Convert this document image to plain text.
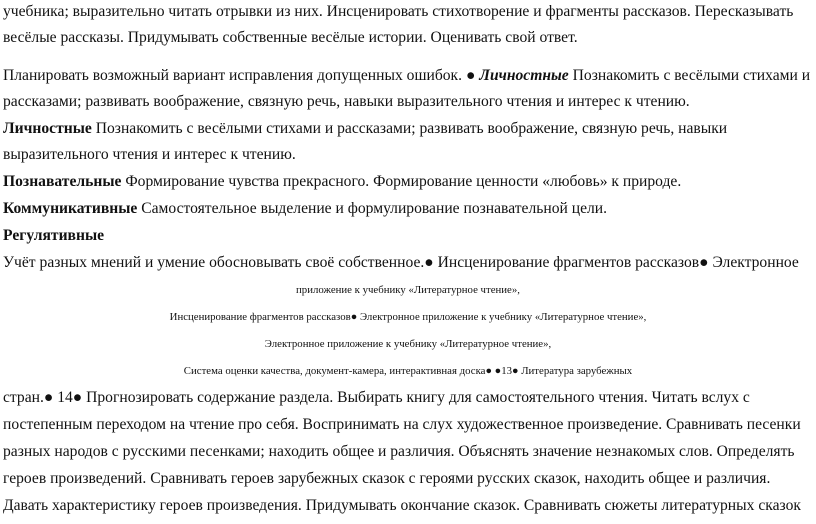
учебника; выразительно читать отрывки из них. Инсценировать стихотворение и фрагменты рассказов. Пересказывать
весёлые рассказы. Придумывать собственные весёлые истории. Оценивать свой ответ.
Планировать возможный вариант исправления допущенных ошибок. ● Личностные Познакомить с весёлыми стихами и
рассказами; развивать воображение, связную речь, навыки выразительного чтения и интерес к чтению.
Личностные Познакомить с весёлыми стихами и рассказами; развивать воображение, связную речь, навыки
выразительного чтения и интерес к чтению.
Познавательные Формирование чувства прекрасного. Формирование ценности «любовь» к природе.
Коммуникативные Самостоятельное выделение и формулирование познавательной цели.
Регулятивные
Учёт разных мнений и умение обосновывать своё собственное.● Инсценирование фрагментов рассказов● Электронное
приложение к учебнику «Литературное чтение»,
Инсценирование фрагментов рассказов● Электронное приложение к учебнику «Литературное чтение»,
Электронное приложение к учебнику «Литературное чтение»,
Система оценки качества, документ-камера, интерактивная доска● ●13● Литература зарубежных
стран.● 14● Прогнозировать содержание раздела. Выбирать книгу для самостоятельного чтения. Читать вслух с
постепенным переходом на чтение про себя. Воспринимать на слух художественное произведение. Сравнивать песенки
разных народов с русскими песенками; находить общее и различия. Объяснять значение незнакомых слов. Определять
героев произведений. Сравнивать героев зарубежных сказок с героями русских сказок, находить общее и различия.
Давать характеристику героев произведения. Придумывать окончание сказок. Сравнивать сюжеты литературных сказок
